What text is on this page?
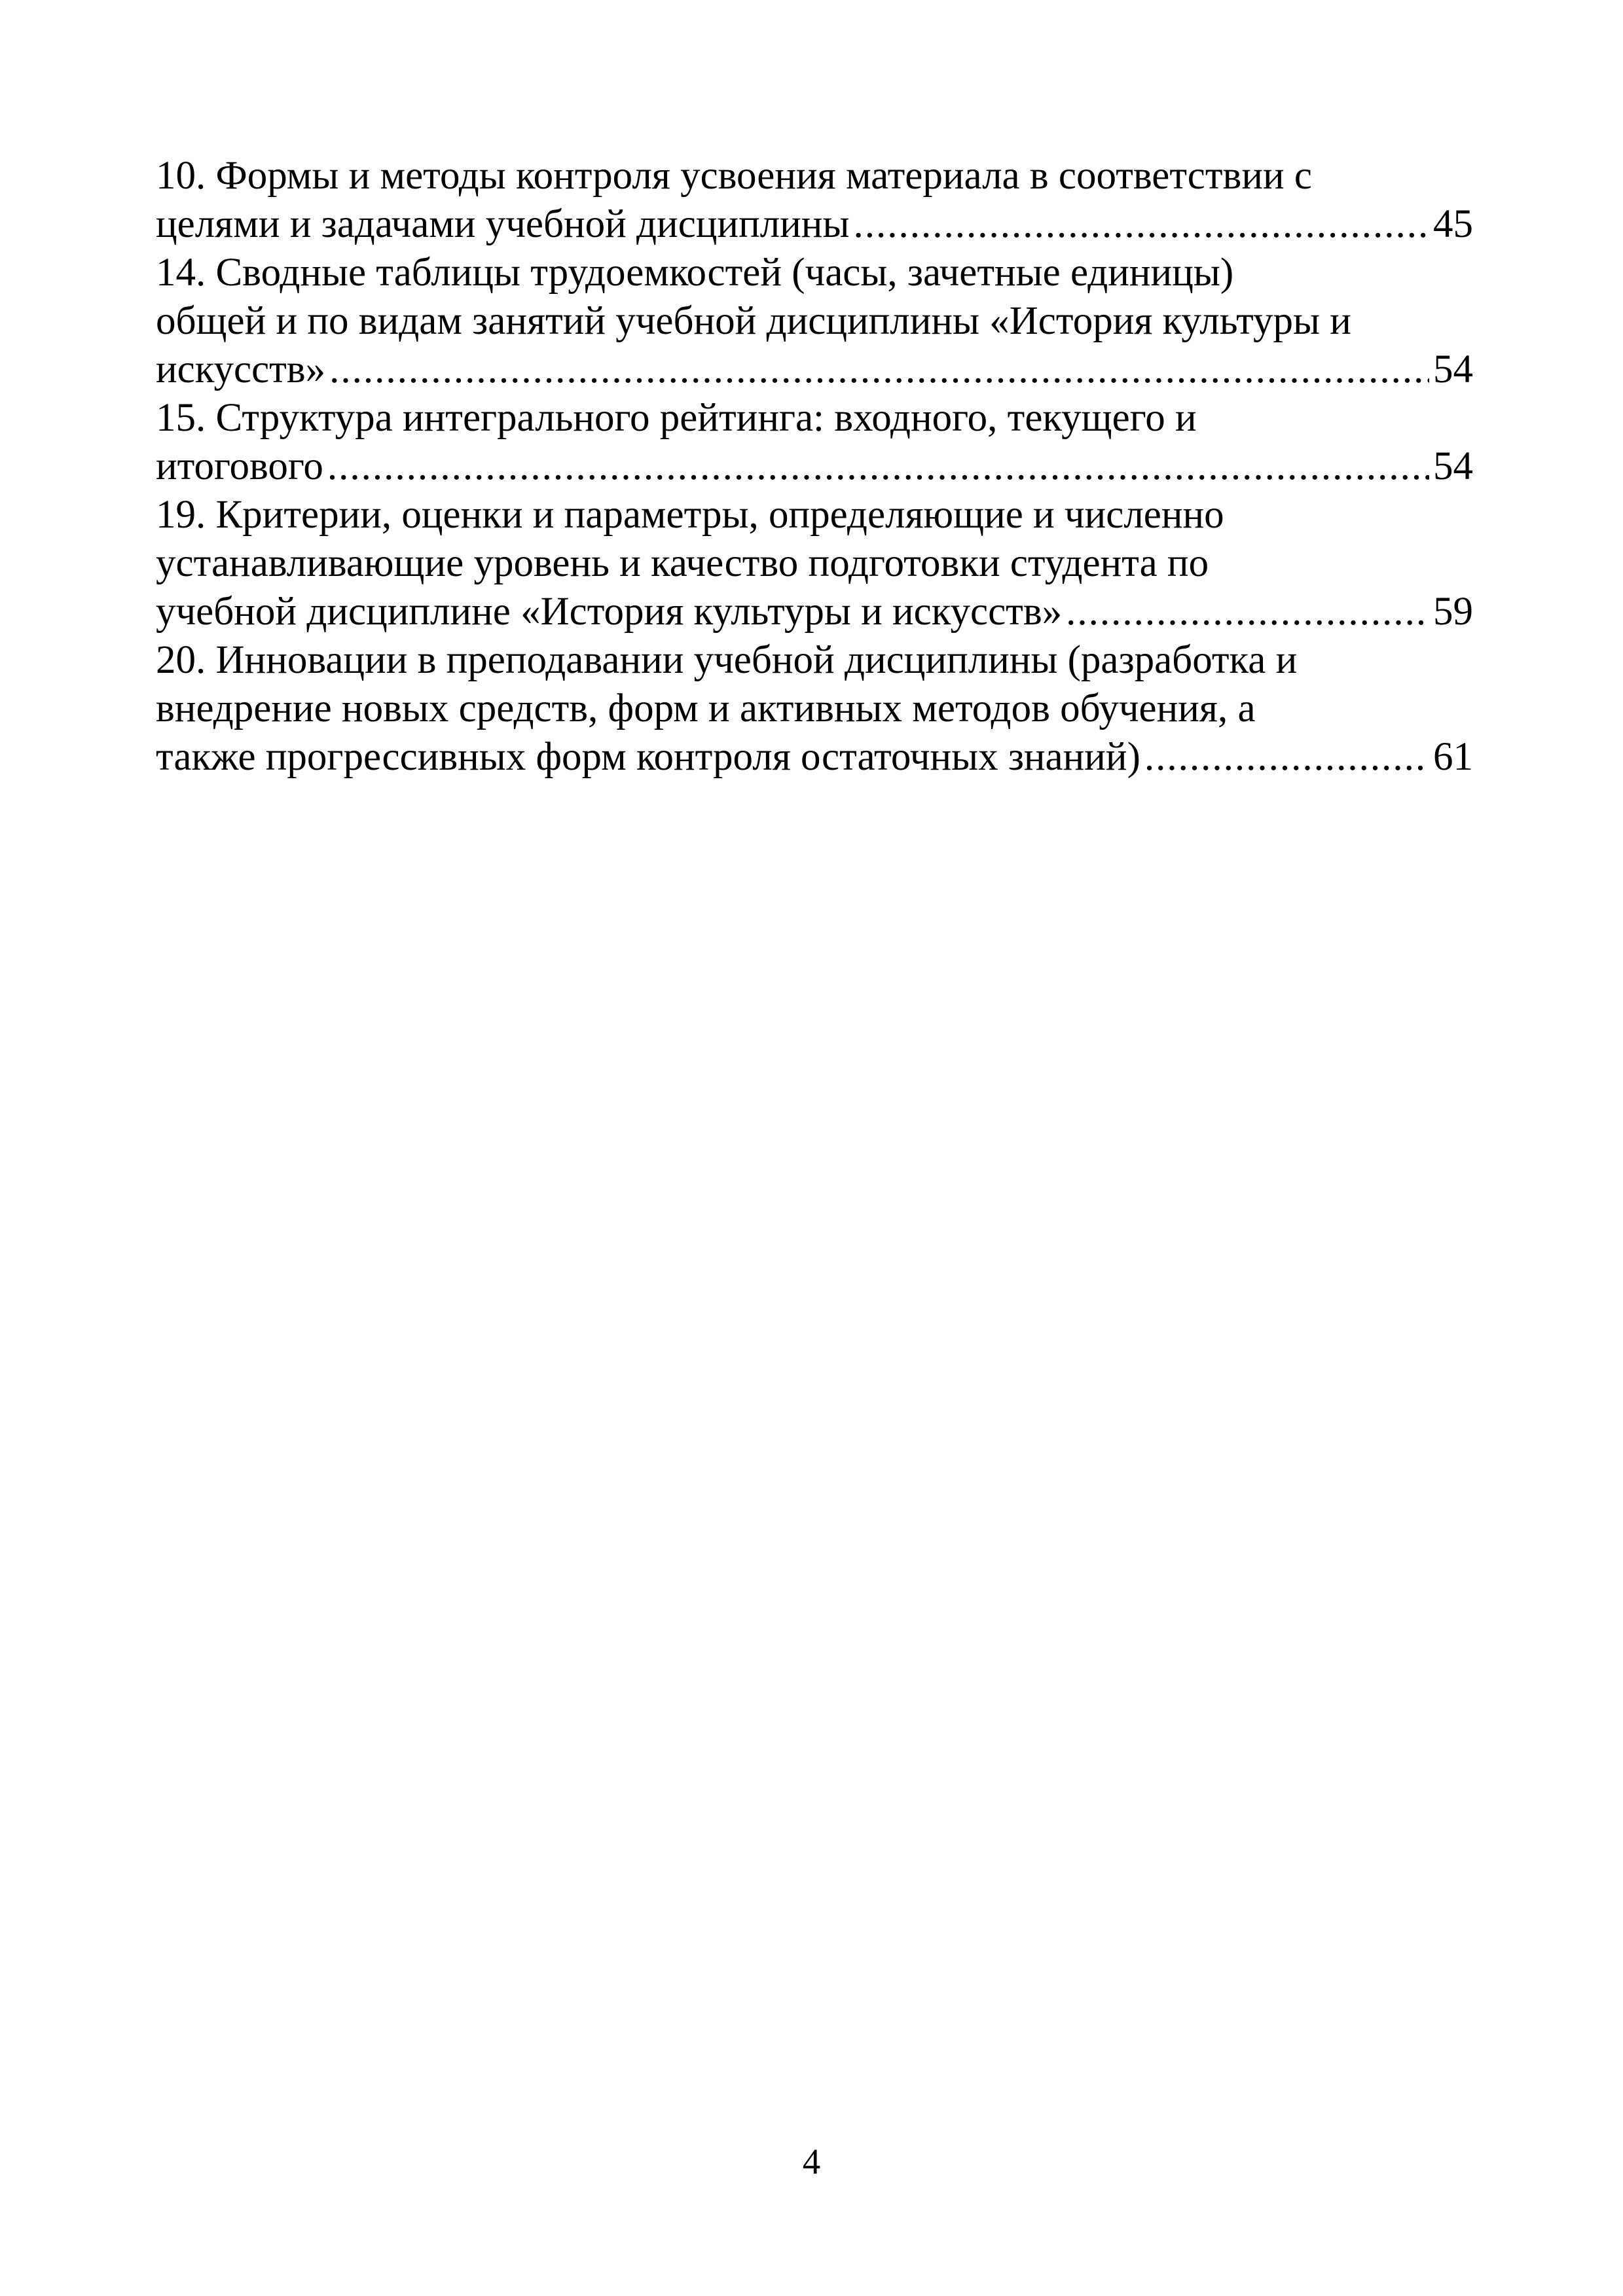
10. Формы и методы контроля усвоения материала в соответствии с
целями и задачами учебной дисциплины .....	45
14. Сводные таблицы трудоемкостей (часы, зачетные единицы)
общей и по видам занятий учебной дисциплины «История культуры и
искусств» .....	54
15. Структура интегрального рейтинга: входного, текущего и
итогового .....	54
19. Критерии, оценки и параметры, определяющие и численно
устанавливающие уровень и качество подготовки студента по
учебной дисциплине «История культуры и искусств» .....	59
20. Инновации в преподавании учебной дисциплины (разработка и
внедрение новых средств, форм и активных методов обучения, а
также прогрессивных форм контроля остаточных знаний) .....	61
4
